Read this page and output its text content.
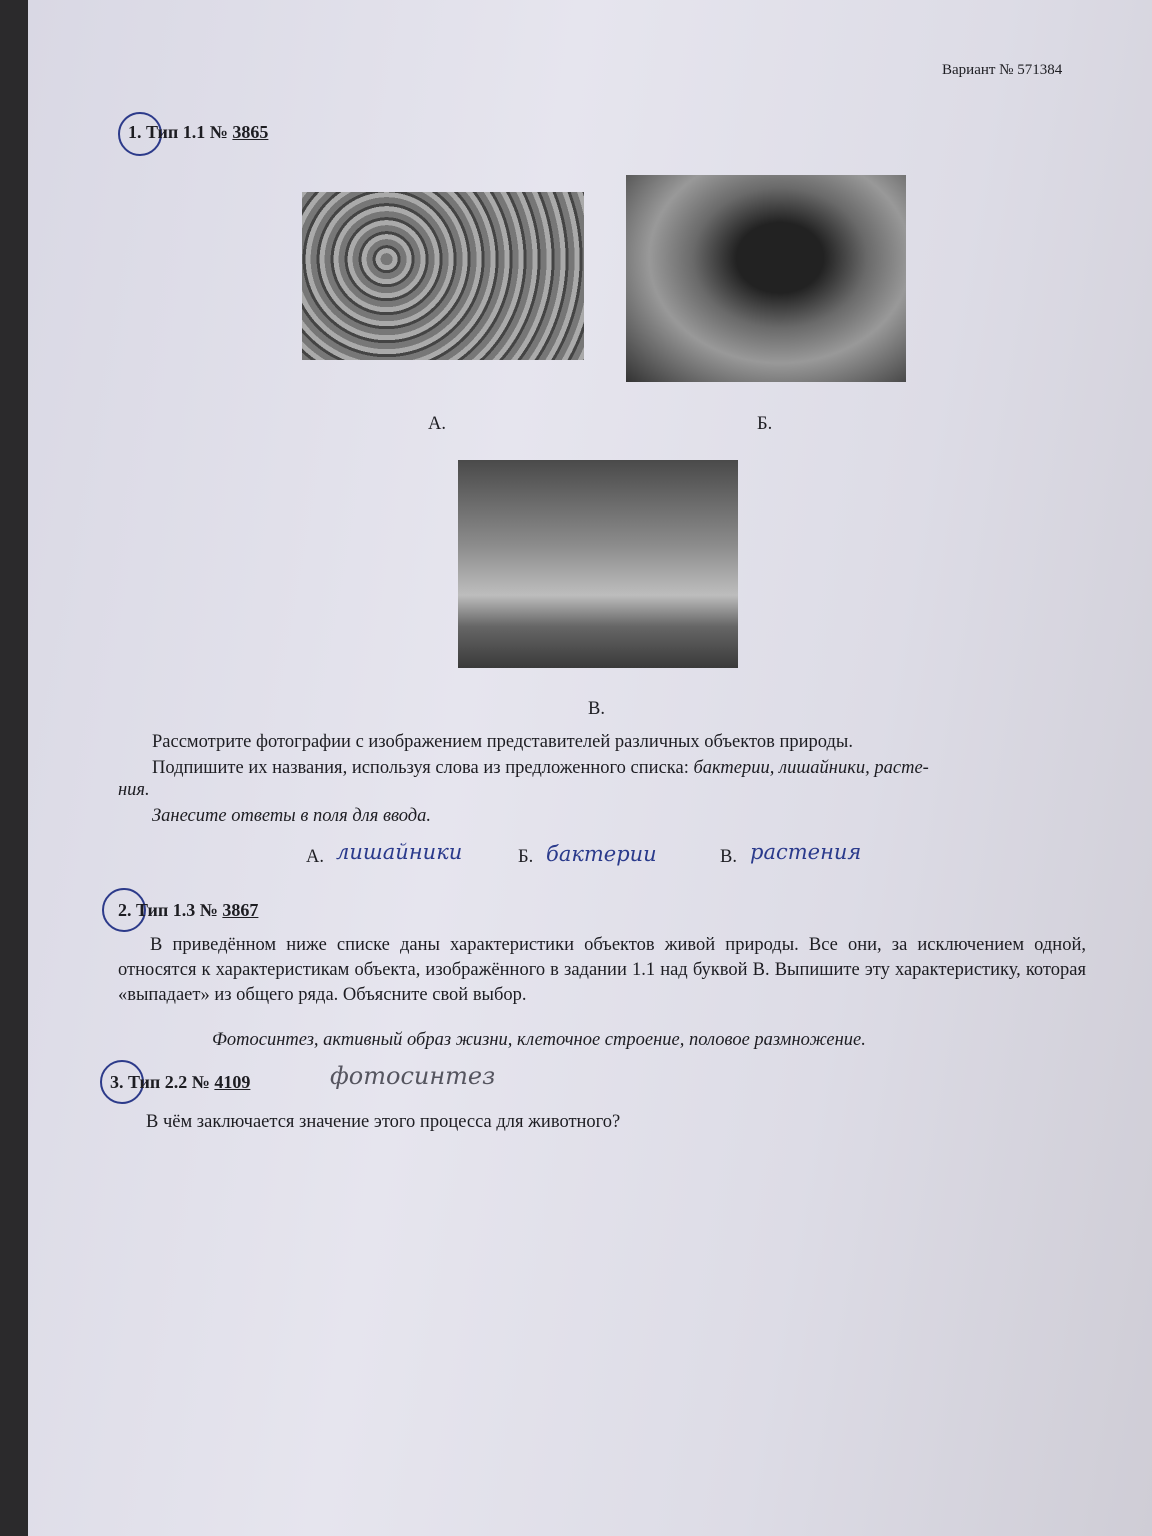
Вариант № 571384
1. Тип 1.1 № 3865
А.	Б.
В.
Рассмотрите фотографии с изображением представителей различных объектов природы.
Подпишите их названия, используя слова из предложенного списка: бактерии, лишайники, расте-
ния.
Занесите ответы в поля для ввода.
А. лишайники	Б. бактерии	В. растения
2. Тип 1.3 № 3867
В приведённом ниже списке даны характеристики объектов живой природы. Все они, за исключением одной, относятся к характеристикам объекта, изображённого в задании 1.1 над буквой В. Выпишите эту характеристику, которая «выпадает» из общего ряда. Объясните свой выбор.
Фотосинтез, активный образ жизни, клеточное строение, половое размножение.
фотосинтез
3. Тип 2.2 № 4109
В чём заключается значение этого процесса для животного?
